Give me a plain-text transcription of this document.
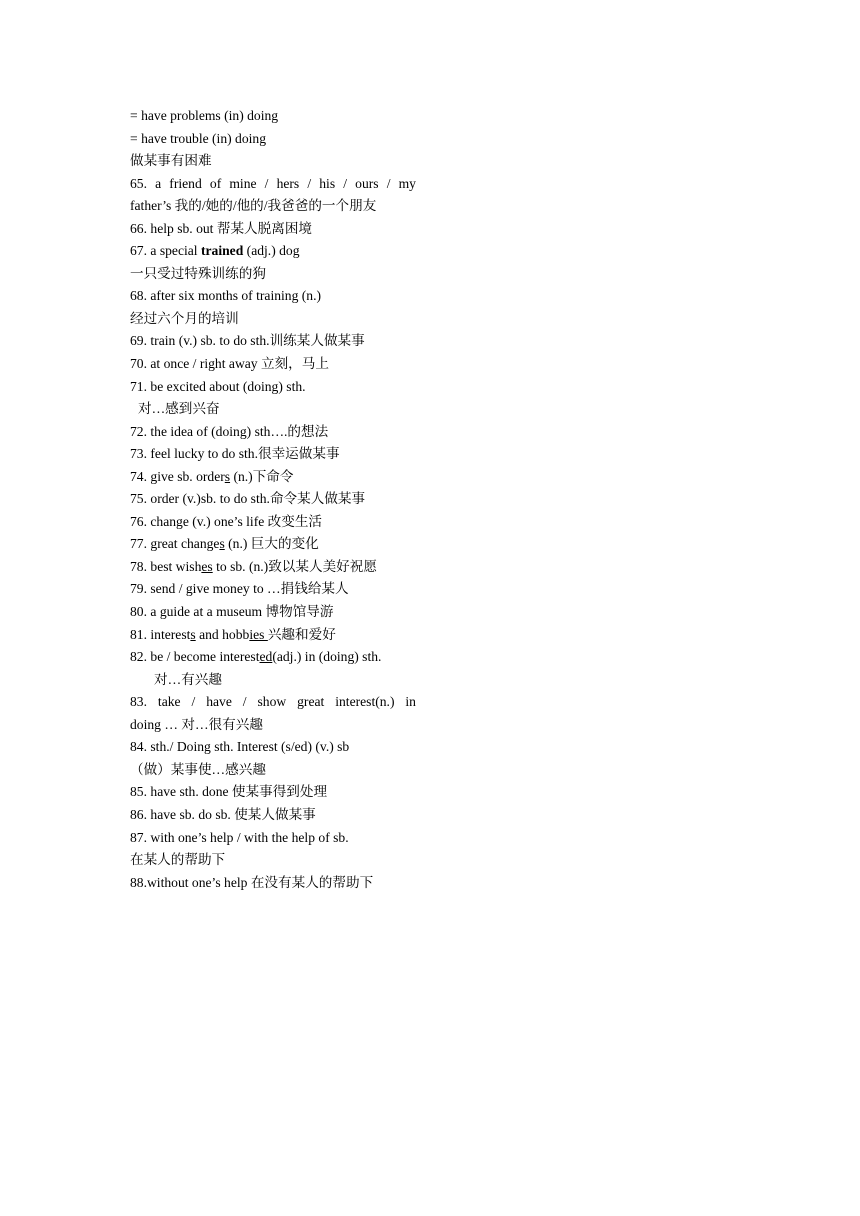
= have problems (in) doing
= have trouble (in) doing
做某事有困难
65. a friend of mine / hers / his / ours / my
father’s 我的/她的/他的/我爸爸的一个朋友
66. help sb. out 帮某人脱离困境
67. a special trained (adj.) dog
一只受过特殊训练的狗
68. after six months of training (n.)
经过六个月的培训
69. train (v.) sb. to do sth.训练某人做某事
70. at once / right away 立刻，马上
71. be excited about (doing) sth.
对…感到兴奋
72. the idea of (doing) sth….的想法
73. feel lucky to do sth.很幸运做某事
74. give sb. orders (n.)下命令
75. order (v.)sb. to do sth.命令某人做某事
76. change (v.) one’s life 改变生活
77. great changes (n.) 巨大的变化
78. best wishes to sb. (n.)致以某人美好祝愿
79. send / give money to …捐钱给某人
80. a guide at a museum 博物馆导游
81. interests and hobbies 兴趣和爱好
82. be / become interested(adj.) in (doing) sth.
对…有兴趣
83. take / have / show great interest(n.) in
doing … 对…很有兴趣
84. sth./ Doing sth. Interest (s/ed) (v.) sb
（做）某事使…感兴趣
85. have sth. done 使某事得到处理
86. have sb. do sb. 使某人做某事
87. with one’s help / with the help of sb.
在某人的帮助下
88.without one’s help 在没有某人的帮助下
